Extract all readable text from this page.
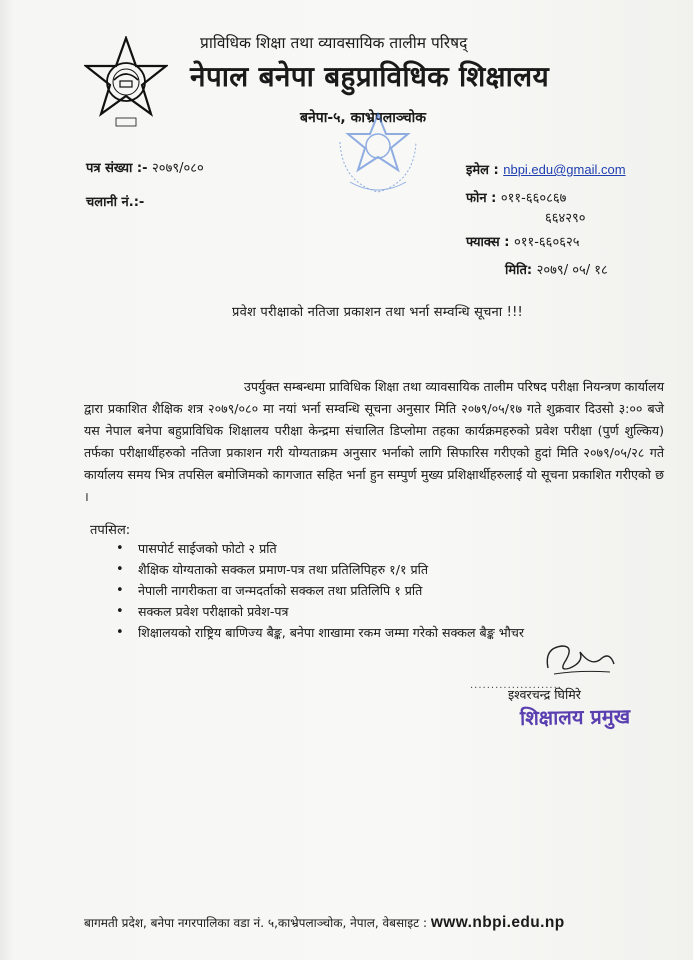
प्राविधिक शिक्षा तथा व्यावसायिक तालीम परिषद्
नेपाल बनेपा बहुप्राविधिक शिक्षालय
बनेपा-५, काभ्रेपलाञ्चोक
पत्र संख्या :- २०७९/०८०
चलानी नं.:-
इमेल : nbpi.edu@gmail.com
फोन : ०११-६६०८६७
६६४२९०
फ्याक्स : ०११-६६०६२५
मिति: २०७९/ ०५/ १८
प्रवेश परीक्षाको नतिजा प्रकाशन तथा भर्ना सम्वन्धि सूचना !!!
उपर्युक्त सम्बन्धमा प्राविधिक शिक्षा तथा व्यावसायिक तालीम परिषद परीक्षा नियन्त्रण कार्यालय द्वारा प्रकाशित शैक्षिक शत्र २०७९/०८० मा नयां भर्ना सम्वन्धि सूचना अनुसार मिति २०७९/०५/१७ गते शुक्रवार दिउसो ३:०० बजे यस नेपाल बनेपा बहुप्राविधिक शिक्षालय परीक्षा केन्द्रमा संचालित डिप्लोमा तहका कार्यक्रमहरुको प्रवेश परीक्षा (पुर्ण शुल्किय) तर्फका परीक्षार्थीहरुको नतिजा प्रकाशन गरी योग्यताक्रम अनुसार भर्नाको लागि सिफारिस गरीएको हुदां मिति २०७९/०५/२८ गते कार्यालय समय भित्र तपसिल बमोजिमको कागजात सहित भर्ना हुन सम्पुर्ण मुख्य प्रशिक्षार्थीहरुलाई यो सूचना प्रकाशित गरीएको छ ।
तपसिल:
• पासपोर्ट साईजको फोटो २ प्रति
• शैक्षिक योग्यताको सक्कल प्रमाण-पत्र तथा प्रतिलिपिहरु १/१ प्रति
• नेपाली नागरीकता वा जन्मदर्ताको सक्कल तथा प्रतिलिपि १ प्रति
• सक्कल प्रवेश परीक्षाको प्रवेश-पत्र
• शिक्षालयको राष्ट्रिय बाणिज्य बैङ्क, बनेपा शाखामा रकम जम्मा गरेको सक्कल बैङ्क भौचर
......................
इश्वरचन्द्र घिमिरे
शिक्षालय प्रमुख
बागमती प्रदेश, बनेपा नगरपालिका वडा नं. ५,काभ्रेपलाञ्चोक, नेपाल, वेबसाइट : www.nbpi.edu.np
